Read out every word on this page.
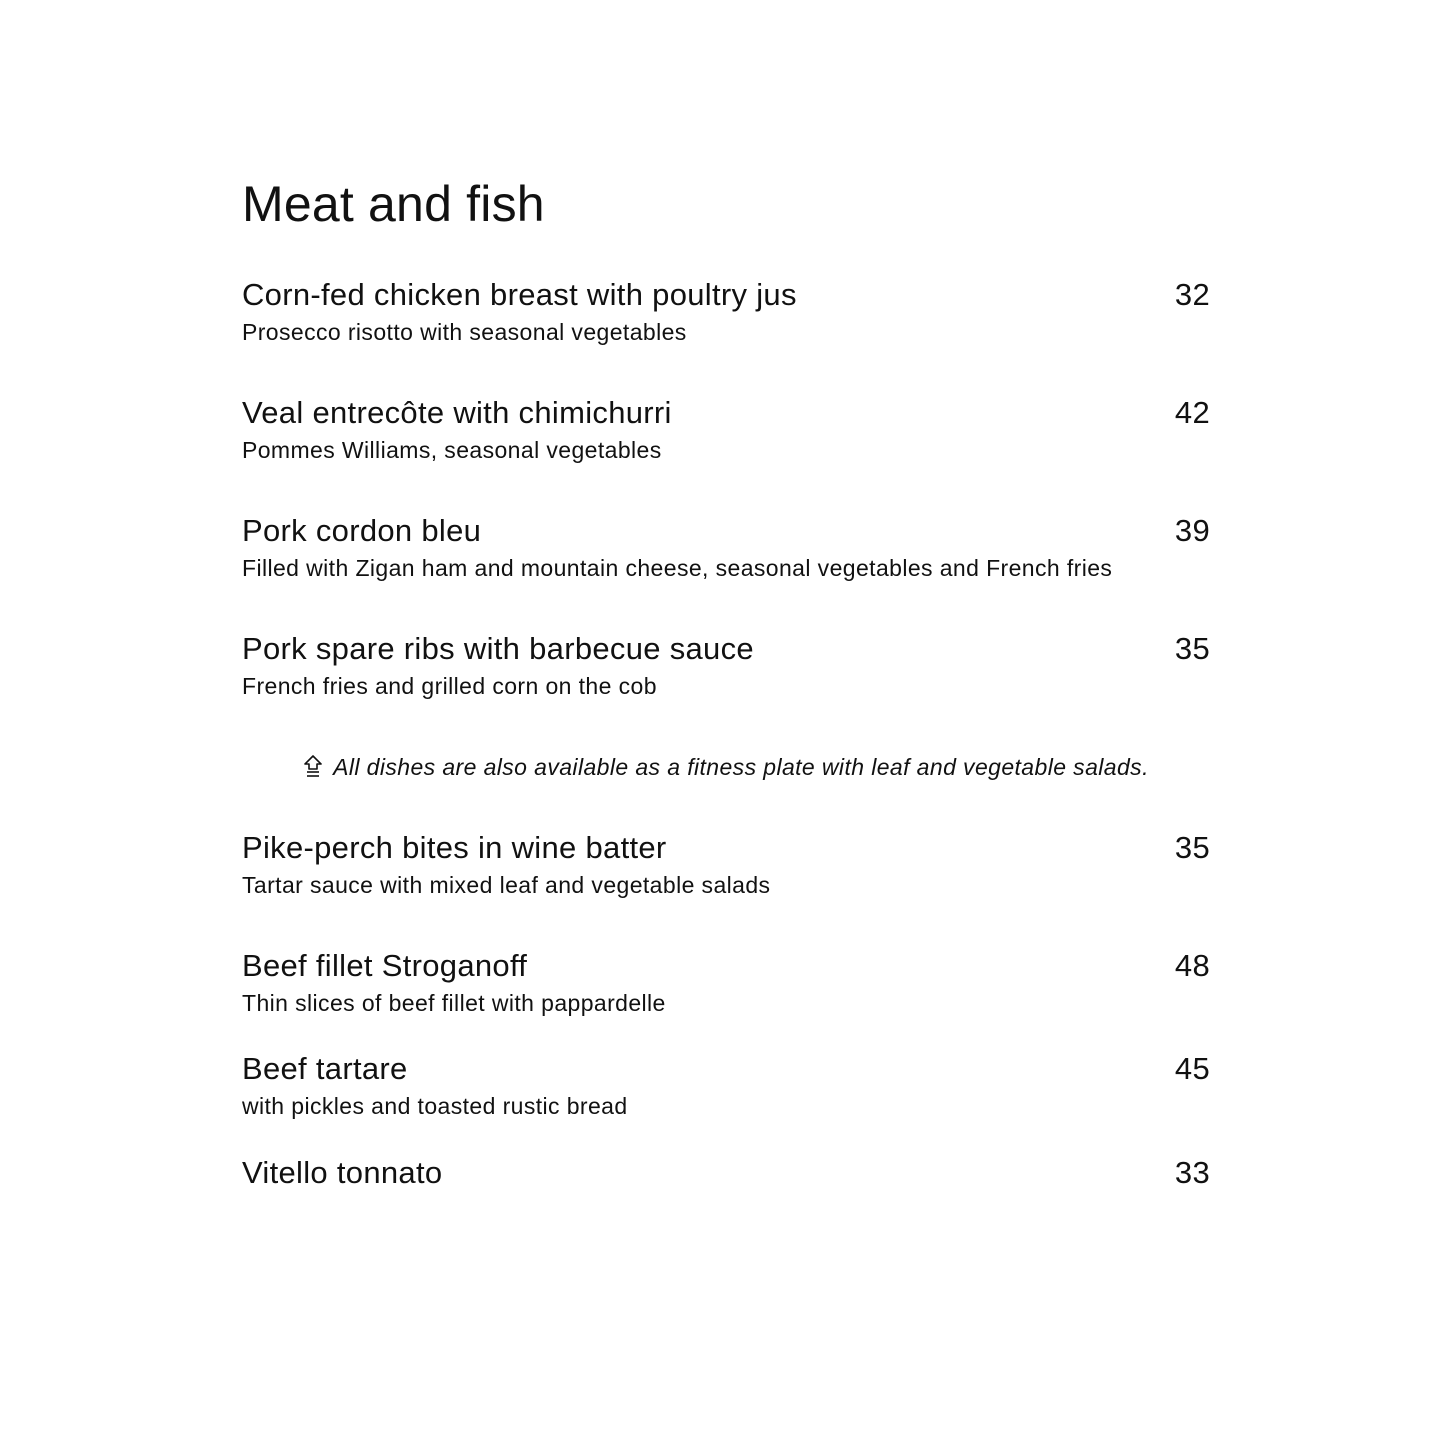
Meat and fish
Corn-fed chicken breast with poultry jus	32
Prosecco risotto with seasonal vegetables
Veal entrecôte with chimichurri	42
Pommes Williams, seasonal vegetables
Pork cordon bleu	39
Filled with Zigan ham and mountain cheese, seasonal vegetables and French fries
Pork spare ribs with barbecue sauce	35
French fries and grilled corn on the cob
All dishes are also available as a fitness plate with leaf and vegetable salads.
Pike-perch bites in wine batter	35
Tartar sauce with mixed leaf and vegetable salads
Beef fillet Stroganoff	48
Thin slices of beef fillet with pappardelle
Beef tartare	45
with pickles and toasted rustic bread
Vitello tonnato	33
